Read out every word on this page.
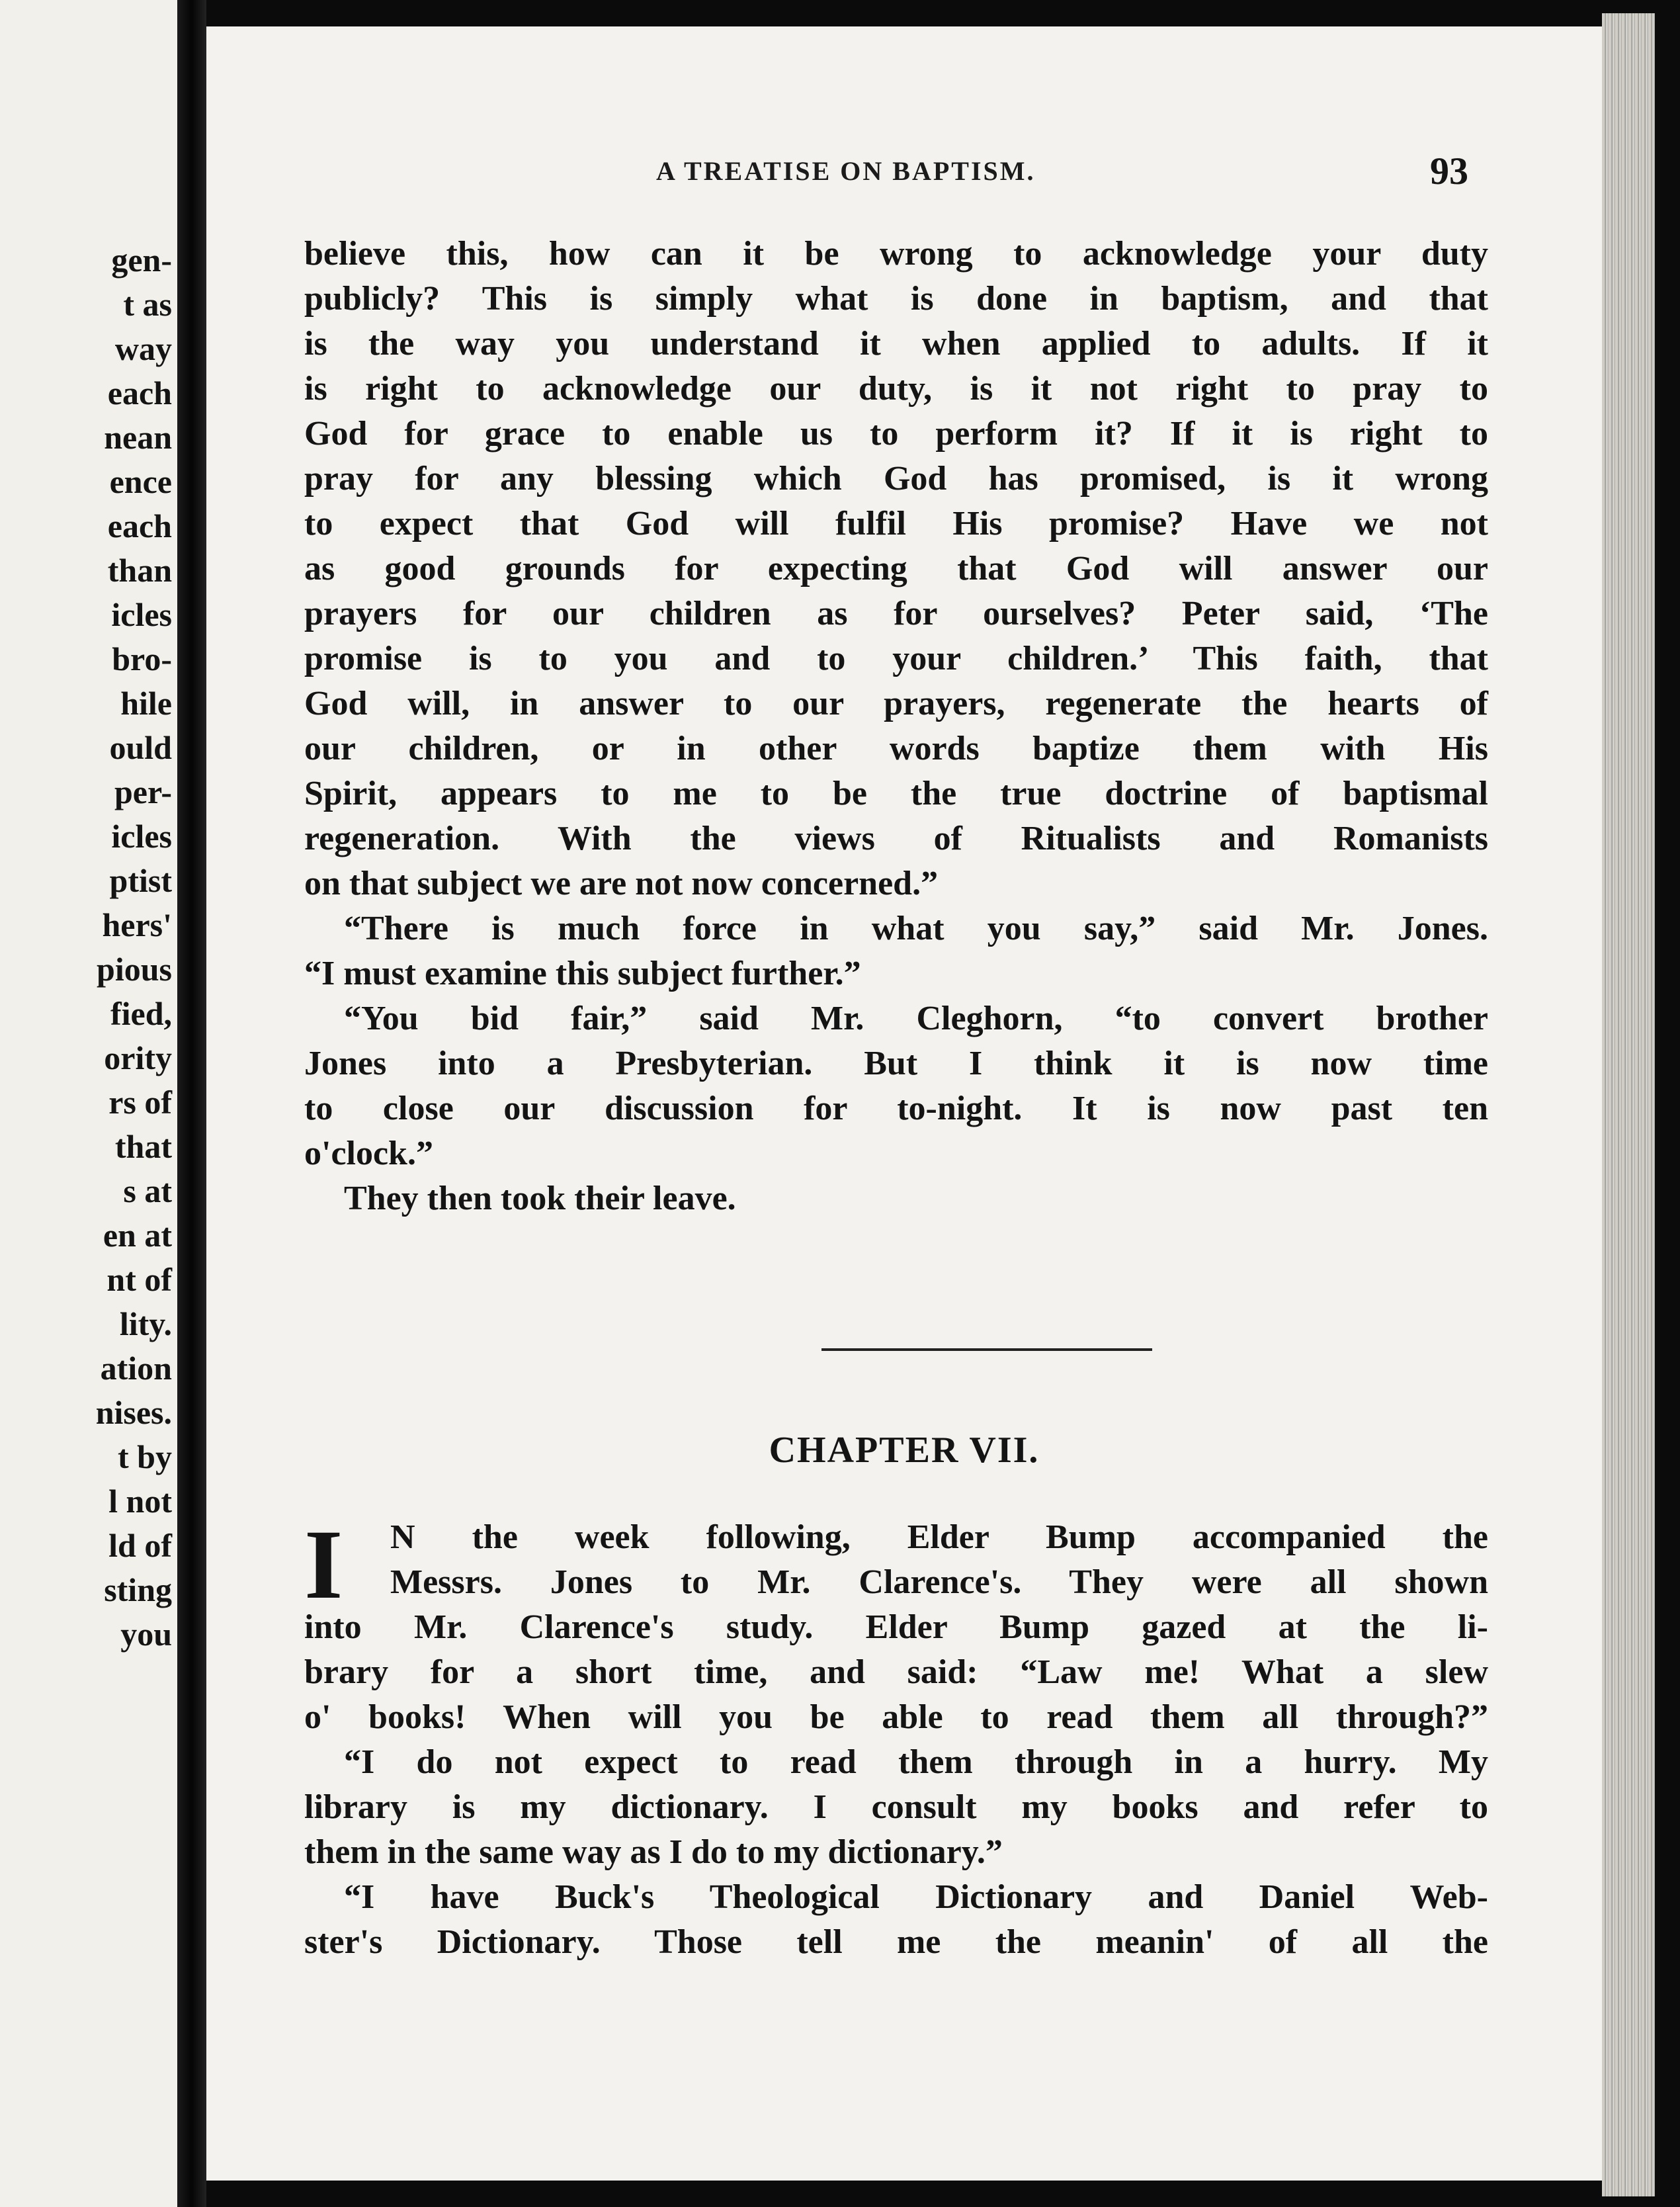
gen-
t as
way
each
nean
ence
each
than
icles
bro-
hile
ould
per-
icles
ptist
hers'
pious
fied,
ority
rs of
that
s at
en at
nt of
lity.
ation
nises.
t by
l not
ld of
sting
you
A TREATISE ON BAPTISM.	93
believe this, how can it be wrong to acknowledge your duty
publicly? This is simply what is done in baptism, and that
is the way you understand it when applied to adults. If it
is right to acknowledge our duty, is it not right to pray to
God for grace to enable us to perform it? If it is right to
pray for any blessing which God has promised, is it wrong
to expect that God will fulfil His promise? Have we not
as good grounds for expecting that God will answer our
prayers for our children as for ourselves? Peter said, ‘The
promise is to you and to your children.’ This faith, that
God will, in answer to our prayers, regenerate the hearts of
our children, or in other words baptize them with His
Spirit, appears to me to be the true doctrine of baptismal
regeneration. With the views of Ritualists and Romanists
on that subject we are not now concerned.”
“There is much force in what you say,” said Mr. Jones.
“I must examine this subject further.”
“You bid fair,” said Mr. Cleghorn, “to convert brother
Jones into a Presbyterian. But I think it is now time
to close our discussion for to-night. It is now past ten
o'clock.”
They then took their leave.
CHAPTER VII.
I	N the week following, Elder Bump accompanied the
Messrs. Jones to Mr. Clarence's. They were all shown
into Mr. Clarence's study. Elder Bump gazed at the li-
brary for a short time, and said: “Law me! What a slew
o' books! When will you be able to read them all through?”
“I do not expect to read them through in a hurry. My
library is my dictionary. I consult my books and refer to
them in the same way as I do to my dictionary.”
“I have Buck's Theological Dictionary and Daniel Web-
ster's Dictionary. Those tell me the meanin' of all the
